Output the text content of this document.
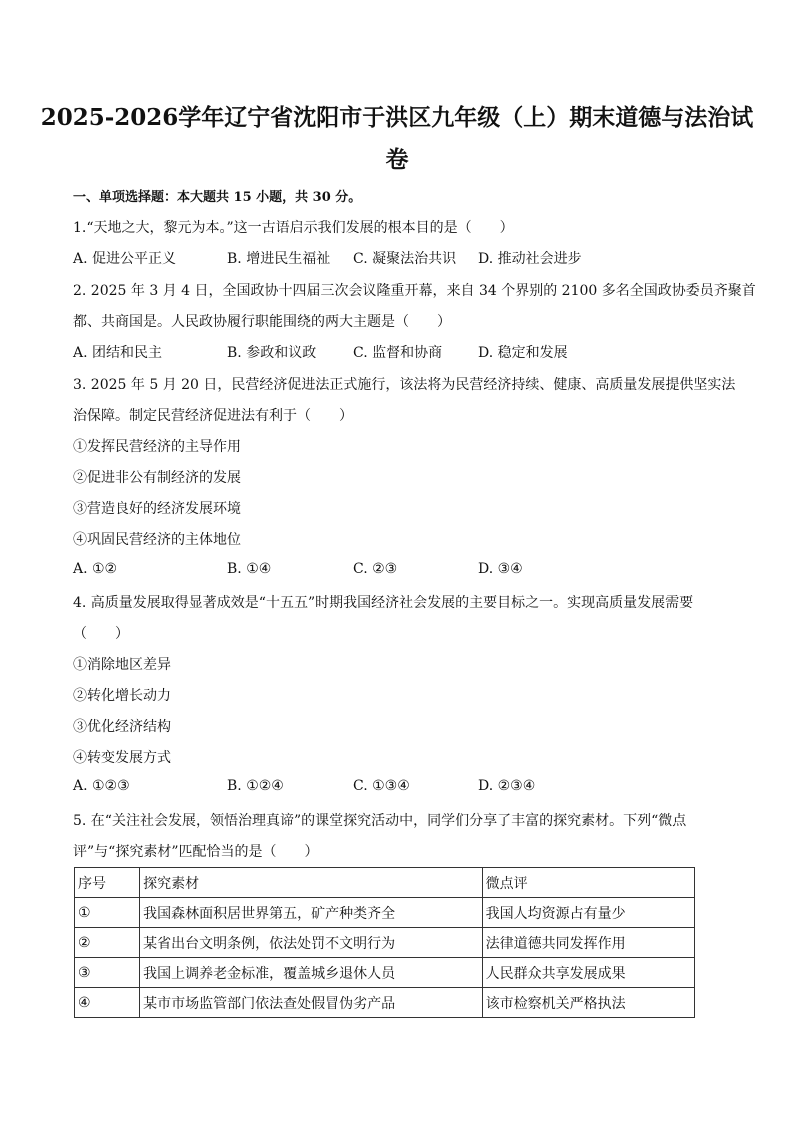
2025-2026学年辽宁省沈阳市于洪区九年级（上）期末道德与法治试
卷
一、单项选择题：本大题共 15 小题，共 30 分。
1.“天地之大，黎元为本。”这一古语启示我们发展的根本目的是（　　）
A. 促进公平正义	B. 增进民生福祉 C. 凝聚法治共识 D. 推动社会进步
2. 2025 年 3 月 4 日，全国政协十四届三次会议隆重开幕，来自 34 个界别的 2100 多名全国政协委员齐聚首
都、共商国是。人民政协履行职能围绕的两大主题是（　　）
A. 团结和民主	B. 参政和议政	C. 监督和协商	D. 稳定和发展
3. 2025 年 5 月 20 日，民营经济促进法正式施行，该法将为民营经济持续、健康、高质量发展提供坚实法
治保障。制定民营经济促进法有利于（　　）
①发挥民营经济的主导作用
②促进非公有制经济的发展
③营造良好的经济发展环境
④巩固民营经济的主体地位
A. ①②	B. ①④	C. ②③	D. ③④
4. 高质量发展取得显著成效是“十五五”时期我国经济社会发展的主要目标之一。实现高质量发展需要
（　　）
①消除地区差异
②转化增长动力
③优化经济结构
④转变发展方式
A. ①②③	B. ①②④	C. ①③④	D. ②③④
5. 在“关注社会发展，领悟治理真谛”的课堂探究活动中，同学们分享了丰富的探究素材。下列“微点
评”与“探究素材”匹配恰当的是（　　）
序号	探究素材	微点评
①	我国森林面积居世界第五，矿产种类齐全	我国人均资源占有量少
②	某省出台文明条例，依法处罚不文明行为	法律道德共同发挥作用
③	我国上调养老金标准，覆盖城乡退休人员	人民群众共享发展成果
④	某市市场监管部门依法查处假冒伪劣产品	该市检察机关严格执法
